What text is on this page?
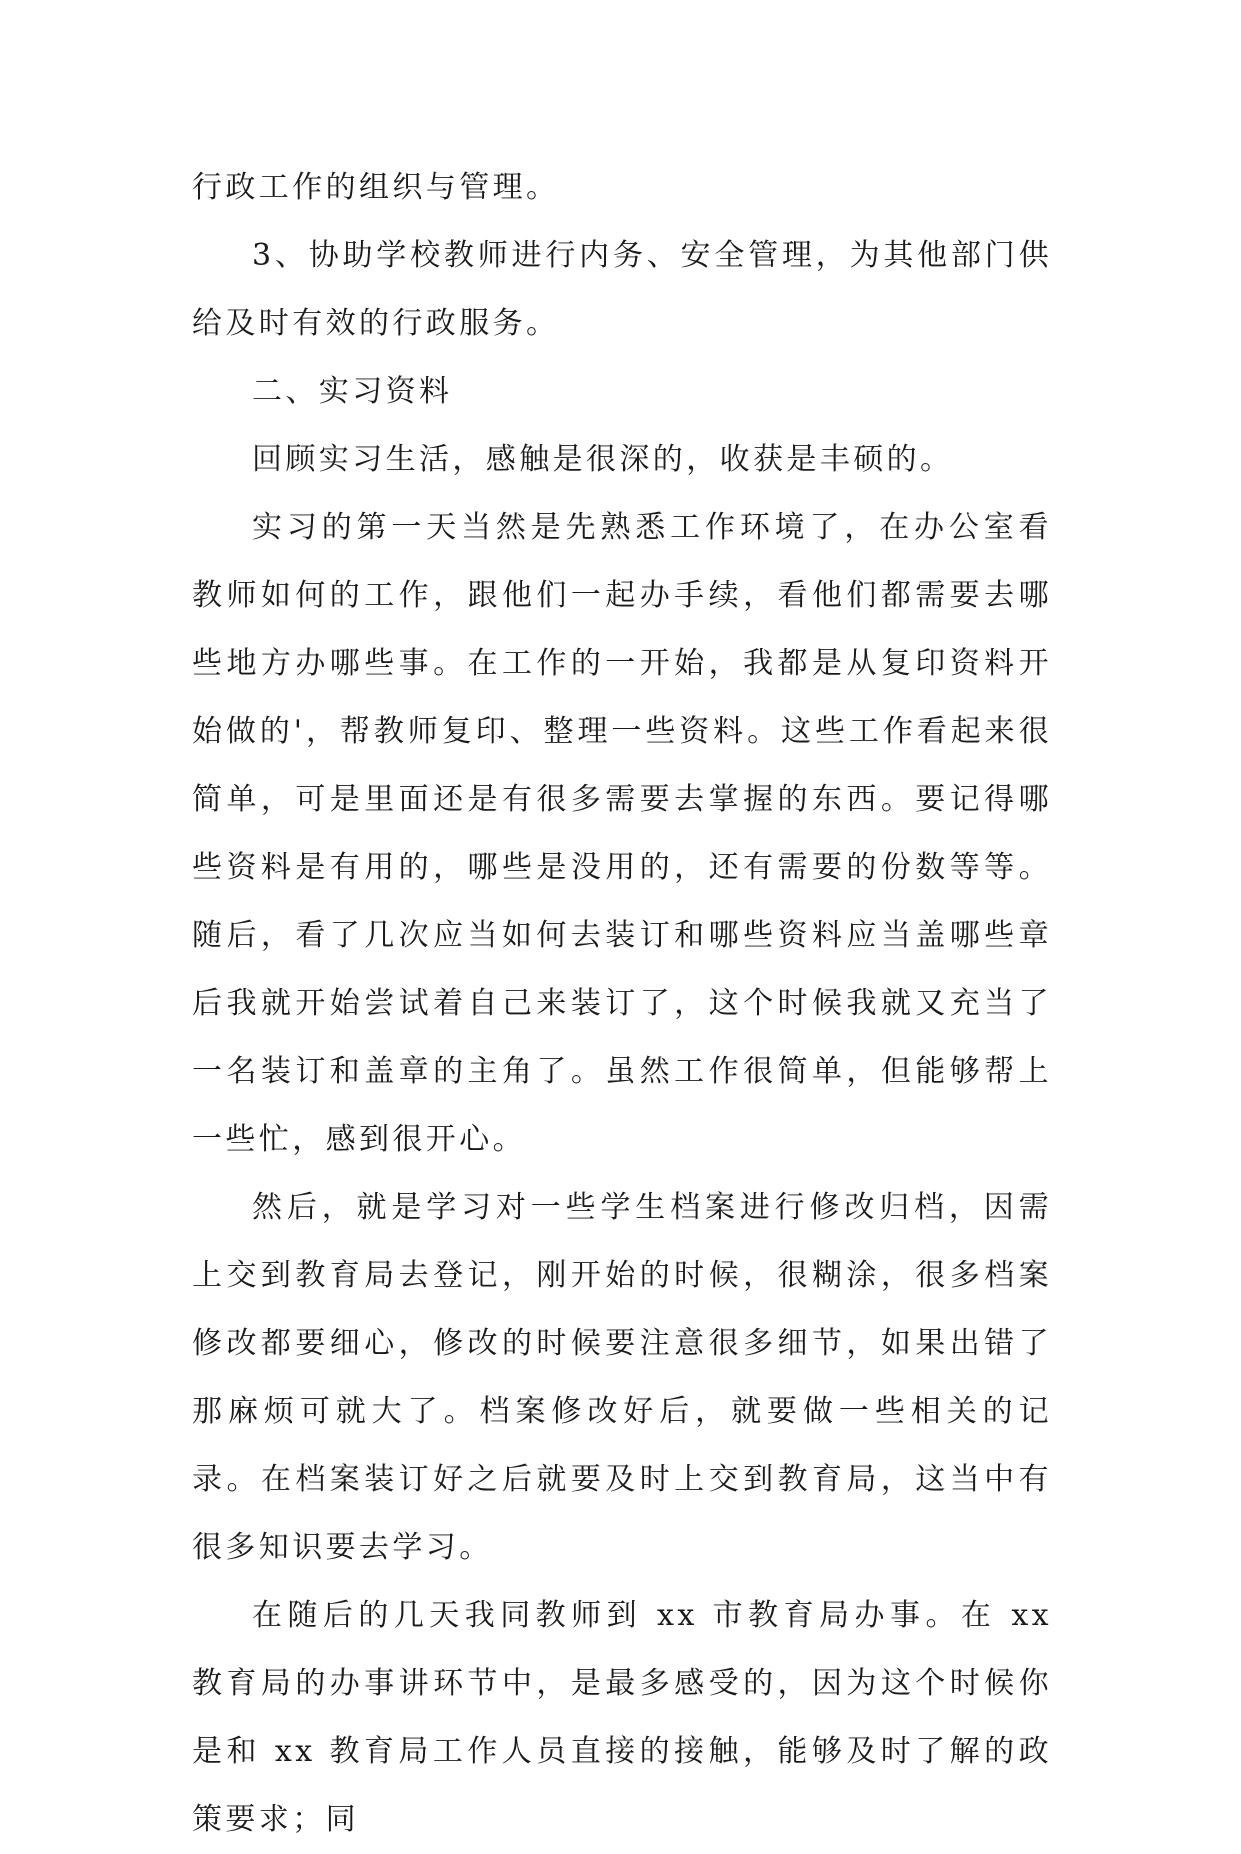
行政工作的组织与管理。

3、协助学校教师进行内务、安全管理，为其他部门供给及时有效的行政服务。

二、实习资料

回顾实习生活，感触是很深的，收获是丰硕的。

实习的第一天当然是先熟悉工作环境了，在办公室看教师如何的工作，跟他们一起办手续，看他们都需要去哪些地方办哪些事。在工作的一开始，我都是从复印资料开始做的'，帮教师复印、整理一些资料。这些工作看起来很简单，可是里面还是有很多需要去掌握的东西。要记得哪些资料是有用的，哪些是没用的，还有需要的份数等等。随后，看了几次应当如何去装订和哪些资料应当盖哪些章后我就开始尝试着自己来装订了，这个时候我就又充当了一名装订和盖章的主角了。虽然工作很简单，但能够帮上一些忙，感到很开心。

然后，就是学习对一些学生档案进行修改归档，因需上交到教育局去登记，刚开始的时候，很糊涂，很多档案修改都要细心，修改的时候要注意很多细节，如果出错了那麻烦可就大了。档案修改好后，就要做一些相关的记录。在档案装订好之后就要及时上交到教育局，这当中有很多知识要去学习。

在随后的几天我同教师到 xx 市教育局办事。在 xx 教育局的办事讲环节中，是最多感受的，因为这个时候你是和 xx 教育局工作人员直接的接触，能够及时了解的政策要求；同
